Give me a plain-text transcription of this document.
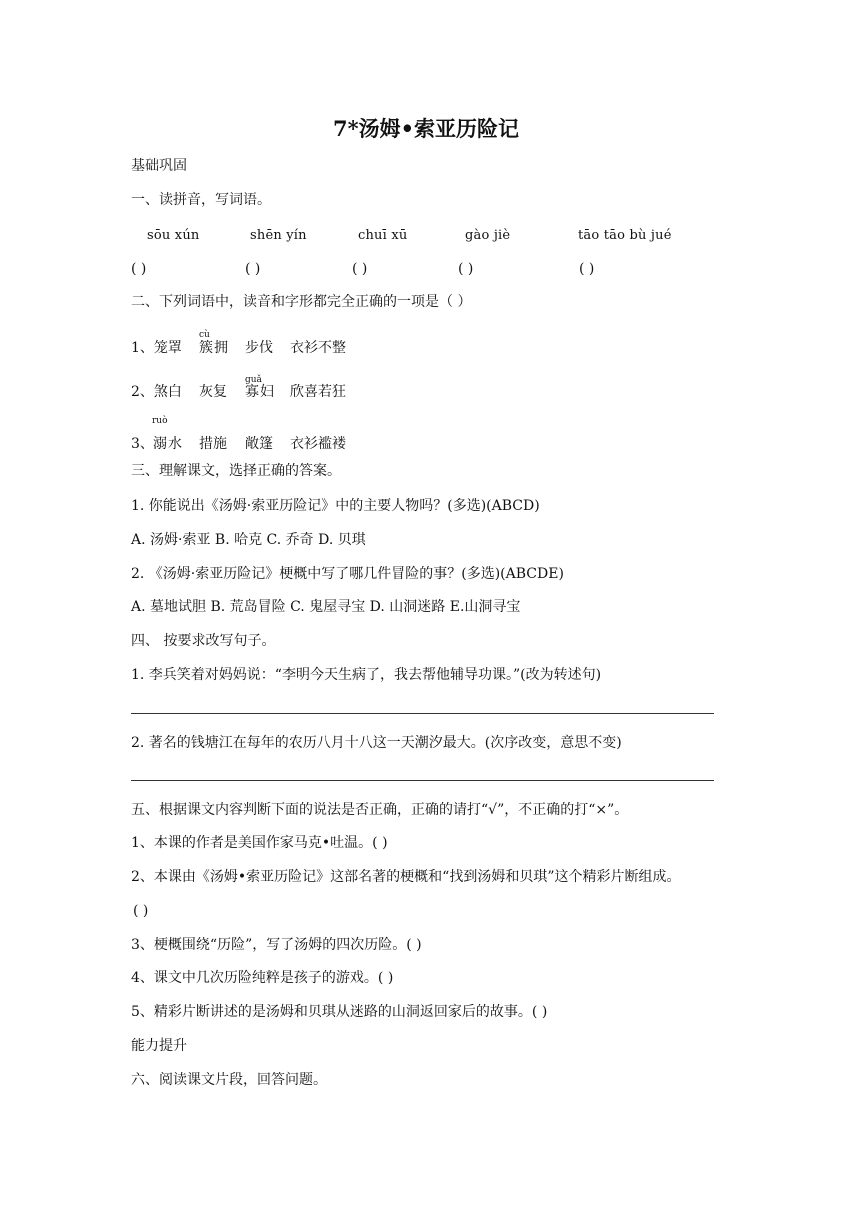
7*汤姆•索亚历险记
基础巩固
一、读拼音，写词语。
sōu xún	shēn yín	chuī xū	gào jiè	tāo tāo bù jué
( )	( )	( )	( )	( )
二、下列词语中，读音和字形都完全正确的一项是（ ）
1、笼罩
cù
簇 拥 步伐 衣衫不整
2、煞白 灰复
guǎ
寡 妇 欣喜若狂
3、
ruò
溺 水 措施 敞篷 衣衫褴褛
三、理解课文，选择正确的答案。
1. 你能说出《汤姆·索亚历险记》中的主要人物吗？(多选)(ABCD)
A. 汤姆·索亚 B. 哈克 C. 乔奇 D. 贝琪
2. 《汤姆·索亚历险记》梗概中写了哪几件冒险的事？(多选)(ABCDE)
A. 墓地试胆 B. 荒岛冒险 C. 鬼屋寻宝 D. 山洞迷路 E.山洞寻宝
四、 按要求改写句子。
1. 李兵笑着对妈妈说：“李明今天生病了，我去帮他辅导功课。”(改为转述句)
2. 著名的钱塘江在每年的农历八月十八这一天潮汐最大。(次序改变，意思不变)
五、根据课文内容判断下面的说法是否正确，正确的请打“√”，不正确的打“×”。
1、本课的作者是美国作家马克•吐温。( )
2、本课由《汤姆•索亚历险记》这部名著的梗概和“找到汤姆和贝琪”这个精彩片断组成。
( )
3、梗概围绕“历险”，写了汤姆的四次历险。( )
4、课文中几次历险纯粹是孩子的游戏。( )
5、精彩片断讲述的是汤姆和贝琪从迷路的山洞返回家后的故事。( )
能力提升
六、阅读课文片段，回答问题。
